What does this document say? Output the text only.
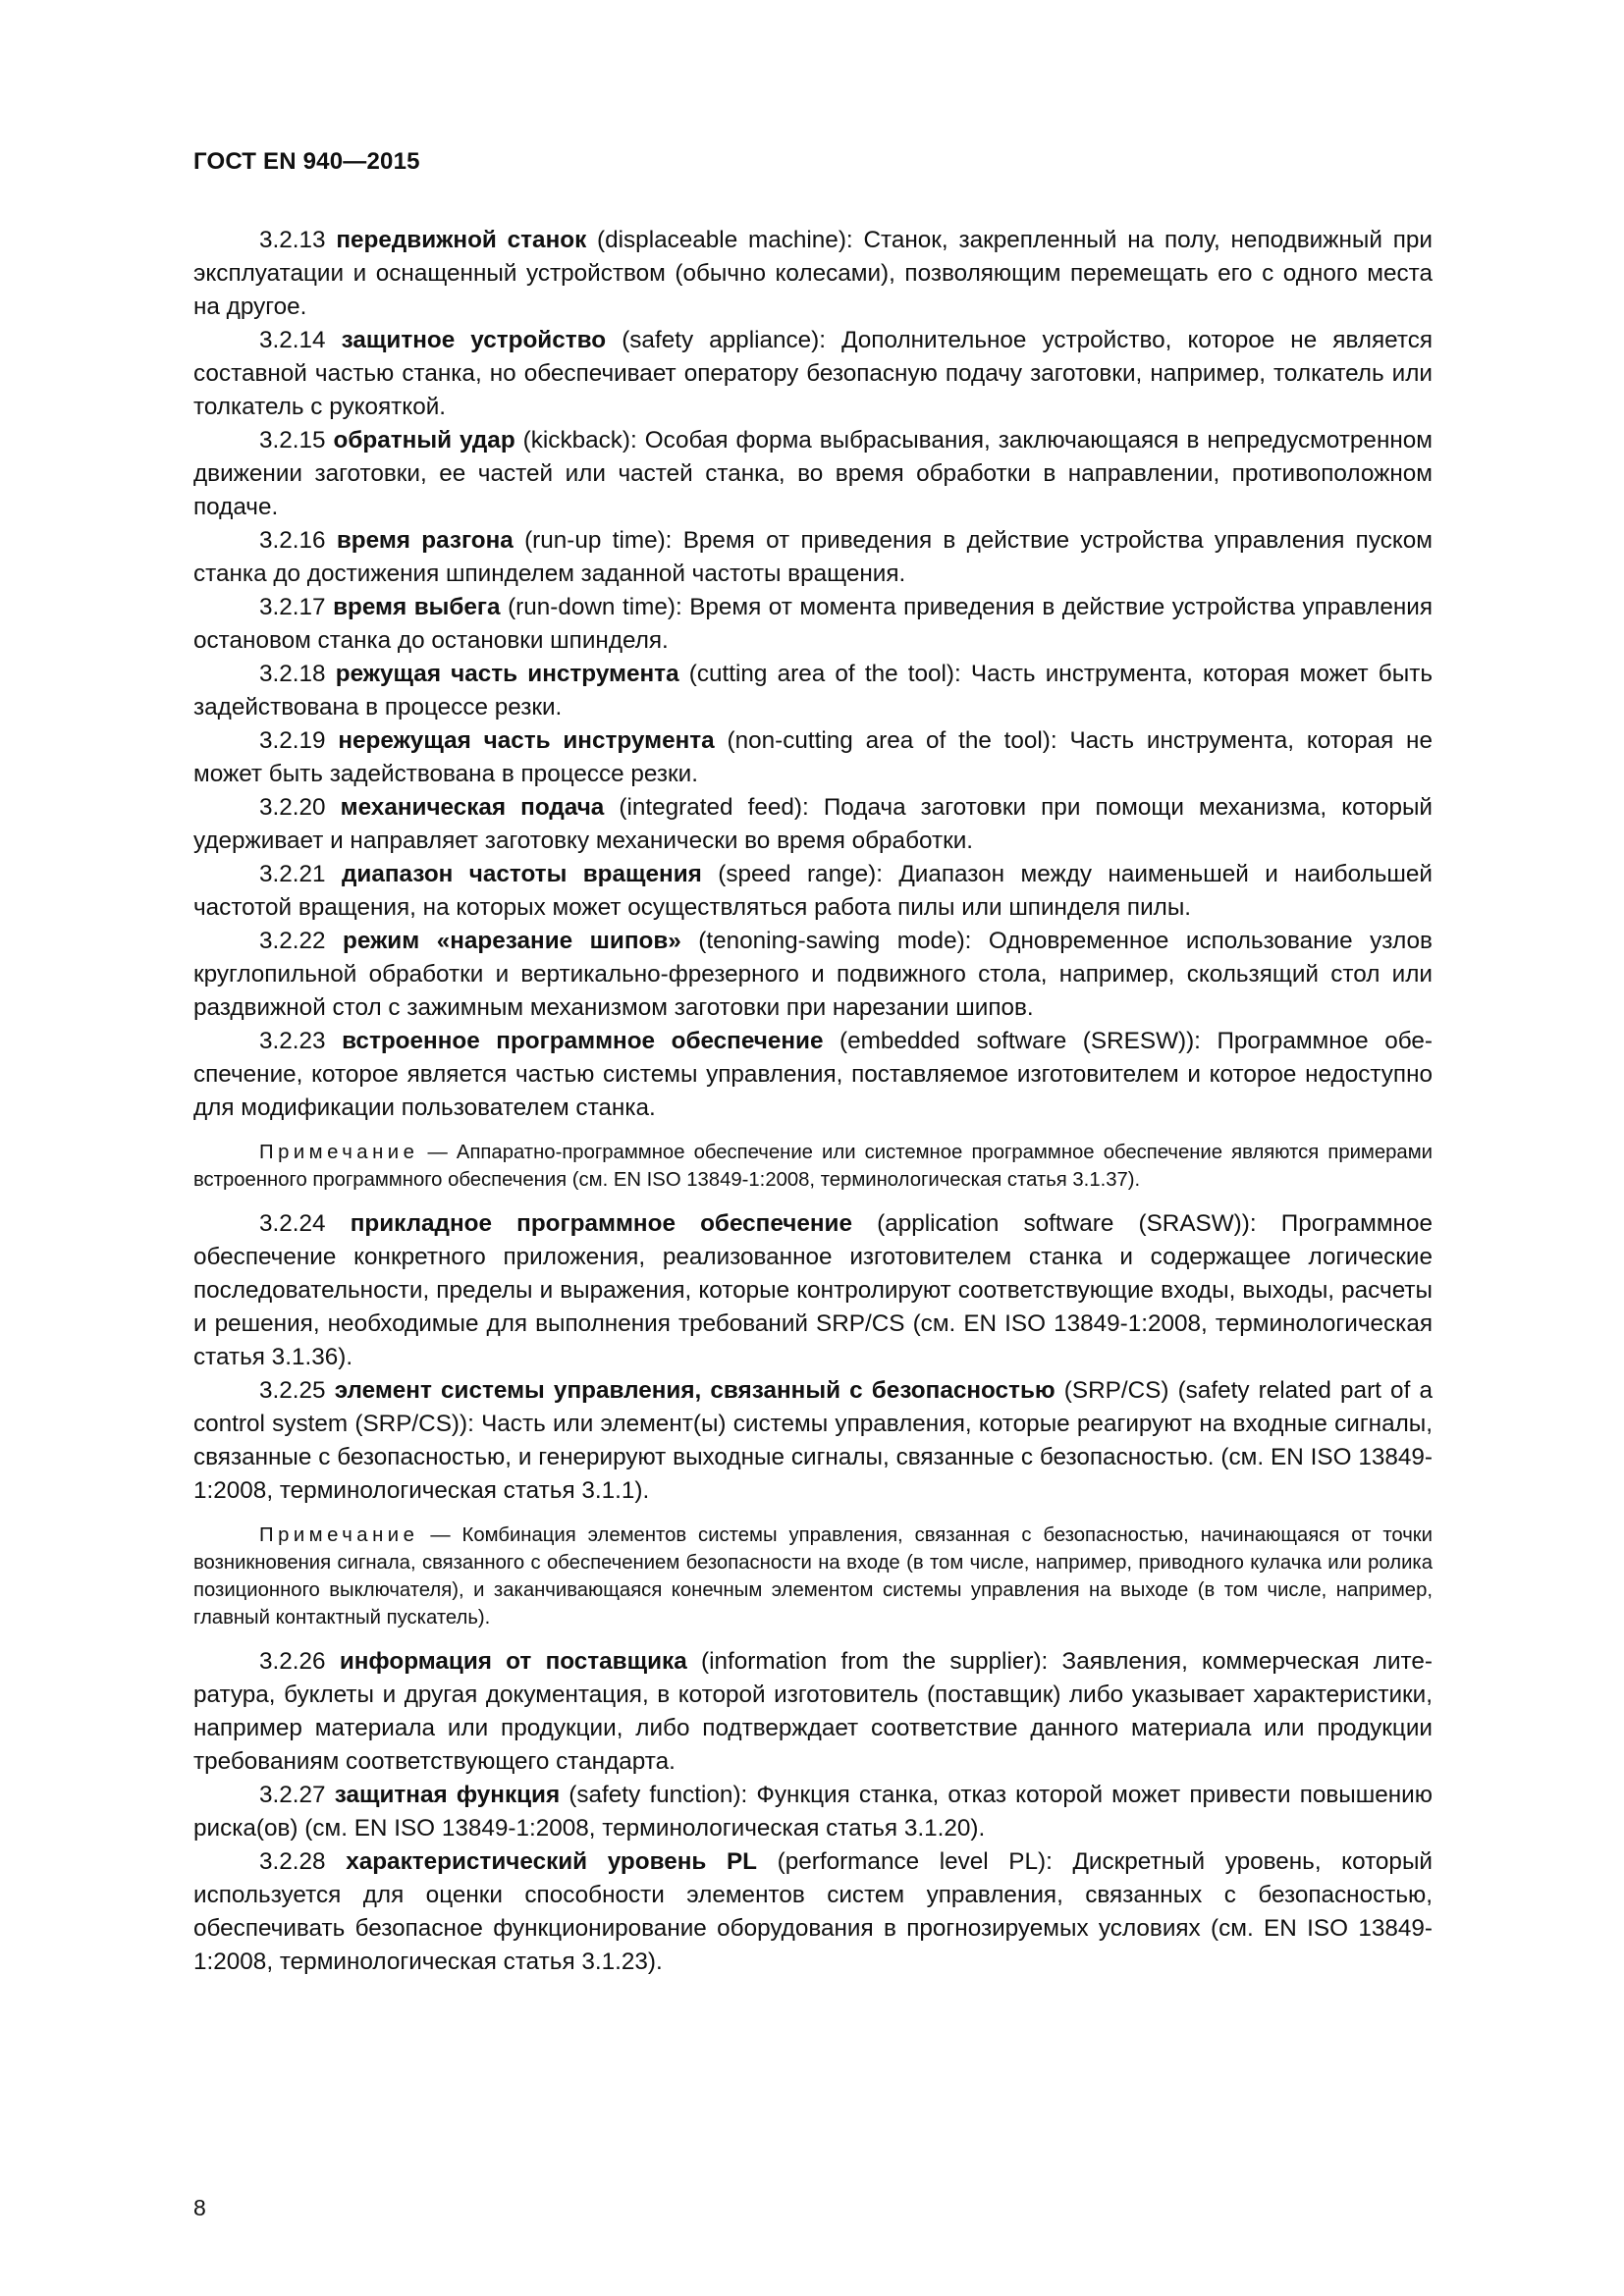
ГОСТ EN 940—2015

3.2.13 передвижной станок (displaceable machine): Станок, закрепленный на полу, неподвижный при эксплуатации и оснащенный устройством (обычно колесами), позволяющим перемещать его с одного места на другое.

3.2.14 защитное устройство (safety appliance): Дополнительное устройство, которое не является составной частью станка, но обеспечивает оператору безопасную подачу заготовки, например, толкатель или толкатель с рукояткой.

3.2.15 обратный удар (kickback): Особая форма выбрасывания, заключающаяся в непредусмотренном движении заготовки, ее частей или частей станка, во время обработки в направлении, противоположном подаче.

3.2.16 время разгона (run-up time): Время от приведения в действие устройства управления пуском станка до достижения шпинделем заданной частоты вращения.

3.2.17 время выбега (run-down time): Время от момента приведения в действие устройства управления остановом станка до остановки шпинделя.

3.2.18 режущая часть инструмента (cutting area of the tool): Часть инструмента, которая может быть задействована в процессе резки.

3.2.19 нережущая часть инструмента (non-cutting area of the tool): Часть инструмента, которая не может быть задействована в процессе резки.

3.2.20 механическая подача (integrated feed): Подача заготовки при помощи механизма, который удерживает и направляет заготовку механически во время обработки.

3.2.21 диапазон частоты вращения (speed range): Диапазон между наименьшей и наибольшей частотой вращения, на которых может осуществляться работа пилы или шпинделя пилы.

3.2.22 режим «нарезание шипов» (tenoning-sawing mode): Одновременное использование узлов круглопильной обработки и вертикально-фрезерного и подвижного стола, например, скользящий стол или раздвижной стол с зажимным механизмом заготовки при нарезании шипов.

3.2.23 встроенное программное обеспечение (embedded software (SRESW)): Программное обеспечение, которое является частью системы управления, поставляемое изготовителем и которое недоступно для модификации пользователем станка.

Примечание — Аппаратно-программное обеспечение или системное программное обеспечение являются примерами встроенного программного обеспечения (см. EN ISO 13849-1:2008, терминологическая статья 3.1.37).

3.2.24 прикладное программное обеспечение (application software (SRASW)): Программное обеспечение конкретного приложения, реализованное изготовителем станка и содержащее логические последовательности, пределы и выражения, которые контролируют соответствующие входы, выходы, расчеты и решения, необходимые для выполнения требований SRP/CS (см. EN ISO 13849-1:2008, терминологическая статья 3.1.36).

3.2.25 элемент системы управления, связанный с безопасностью (SRP/CS) (safety related part of a control system (SRP/CS)): Часть или элемент(ы) системы управления, которые реагируют на входные сигналы, связанные с безопасностью, и генерируют выходные сигналы, связанные с безопасностью. (см. EN ISO 13849-1:2008, терминологическая статья 3.1.1).

Примечание — Комбинация элементов системы управления, связанная с безопасностью, начинающаяся от точки возникновения сигнала, связанного с обеспечением безопасности на входе (в том числе, например, приводного кулачка или ролика позиционного выключателя), и заканчивающаяся конечным элементом системы управления на выходе (в том числе, например, главный контактный пускатель).

3.2.26 информация от поставщика (information from the supplier): Заявления, коммерческая литература, буклеты и другая документация, в которой изготовитель (поставщик) либо указывает характеристики, например материала или продукции, либо подтверждает соответствие данного материала или продукции требованиям соответствующего стандарта.

3.2.27 защитная функция (safety function): Функция станка, отказ которой может привести повышению риска(ов) (см. EN ISO 13849-1:2008, терминологическая статья 3.1.20).

3.2.28 характеристический уровень PL (performance level PL): Дискретный уровень, который используется для оценки способности элементов систем управления, связанных с безопасностью, обеспечивать безопасное функционирование оборудования в прогнозируемых условиях (см. EN ISO 13849-1:2008, терминологическая статья 3.1.23).

8
